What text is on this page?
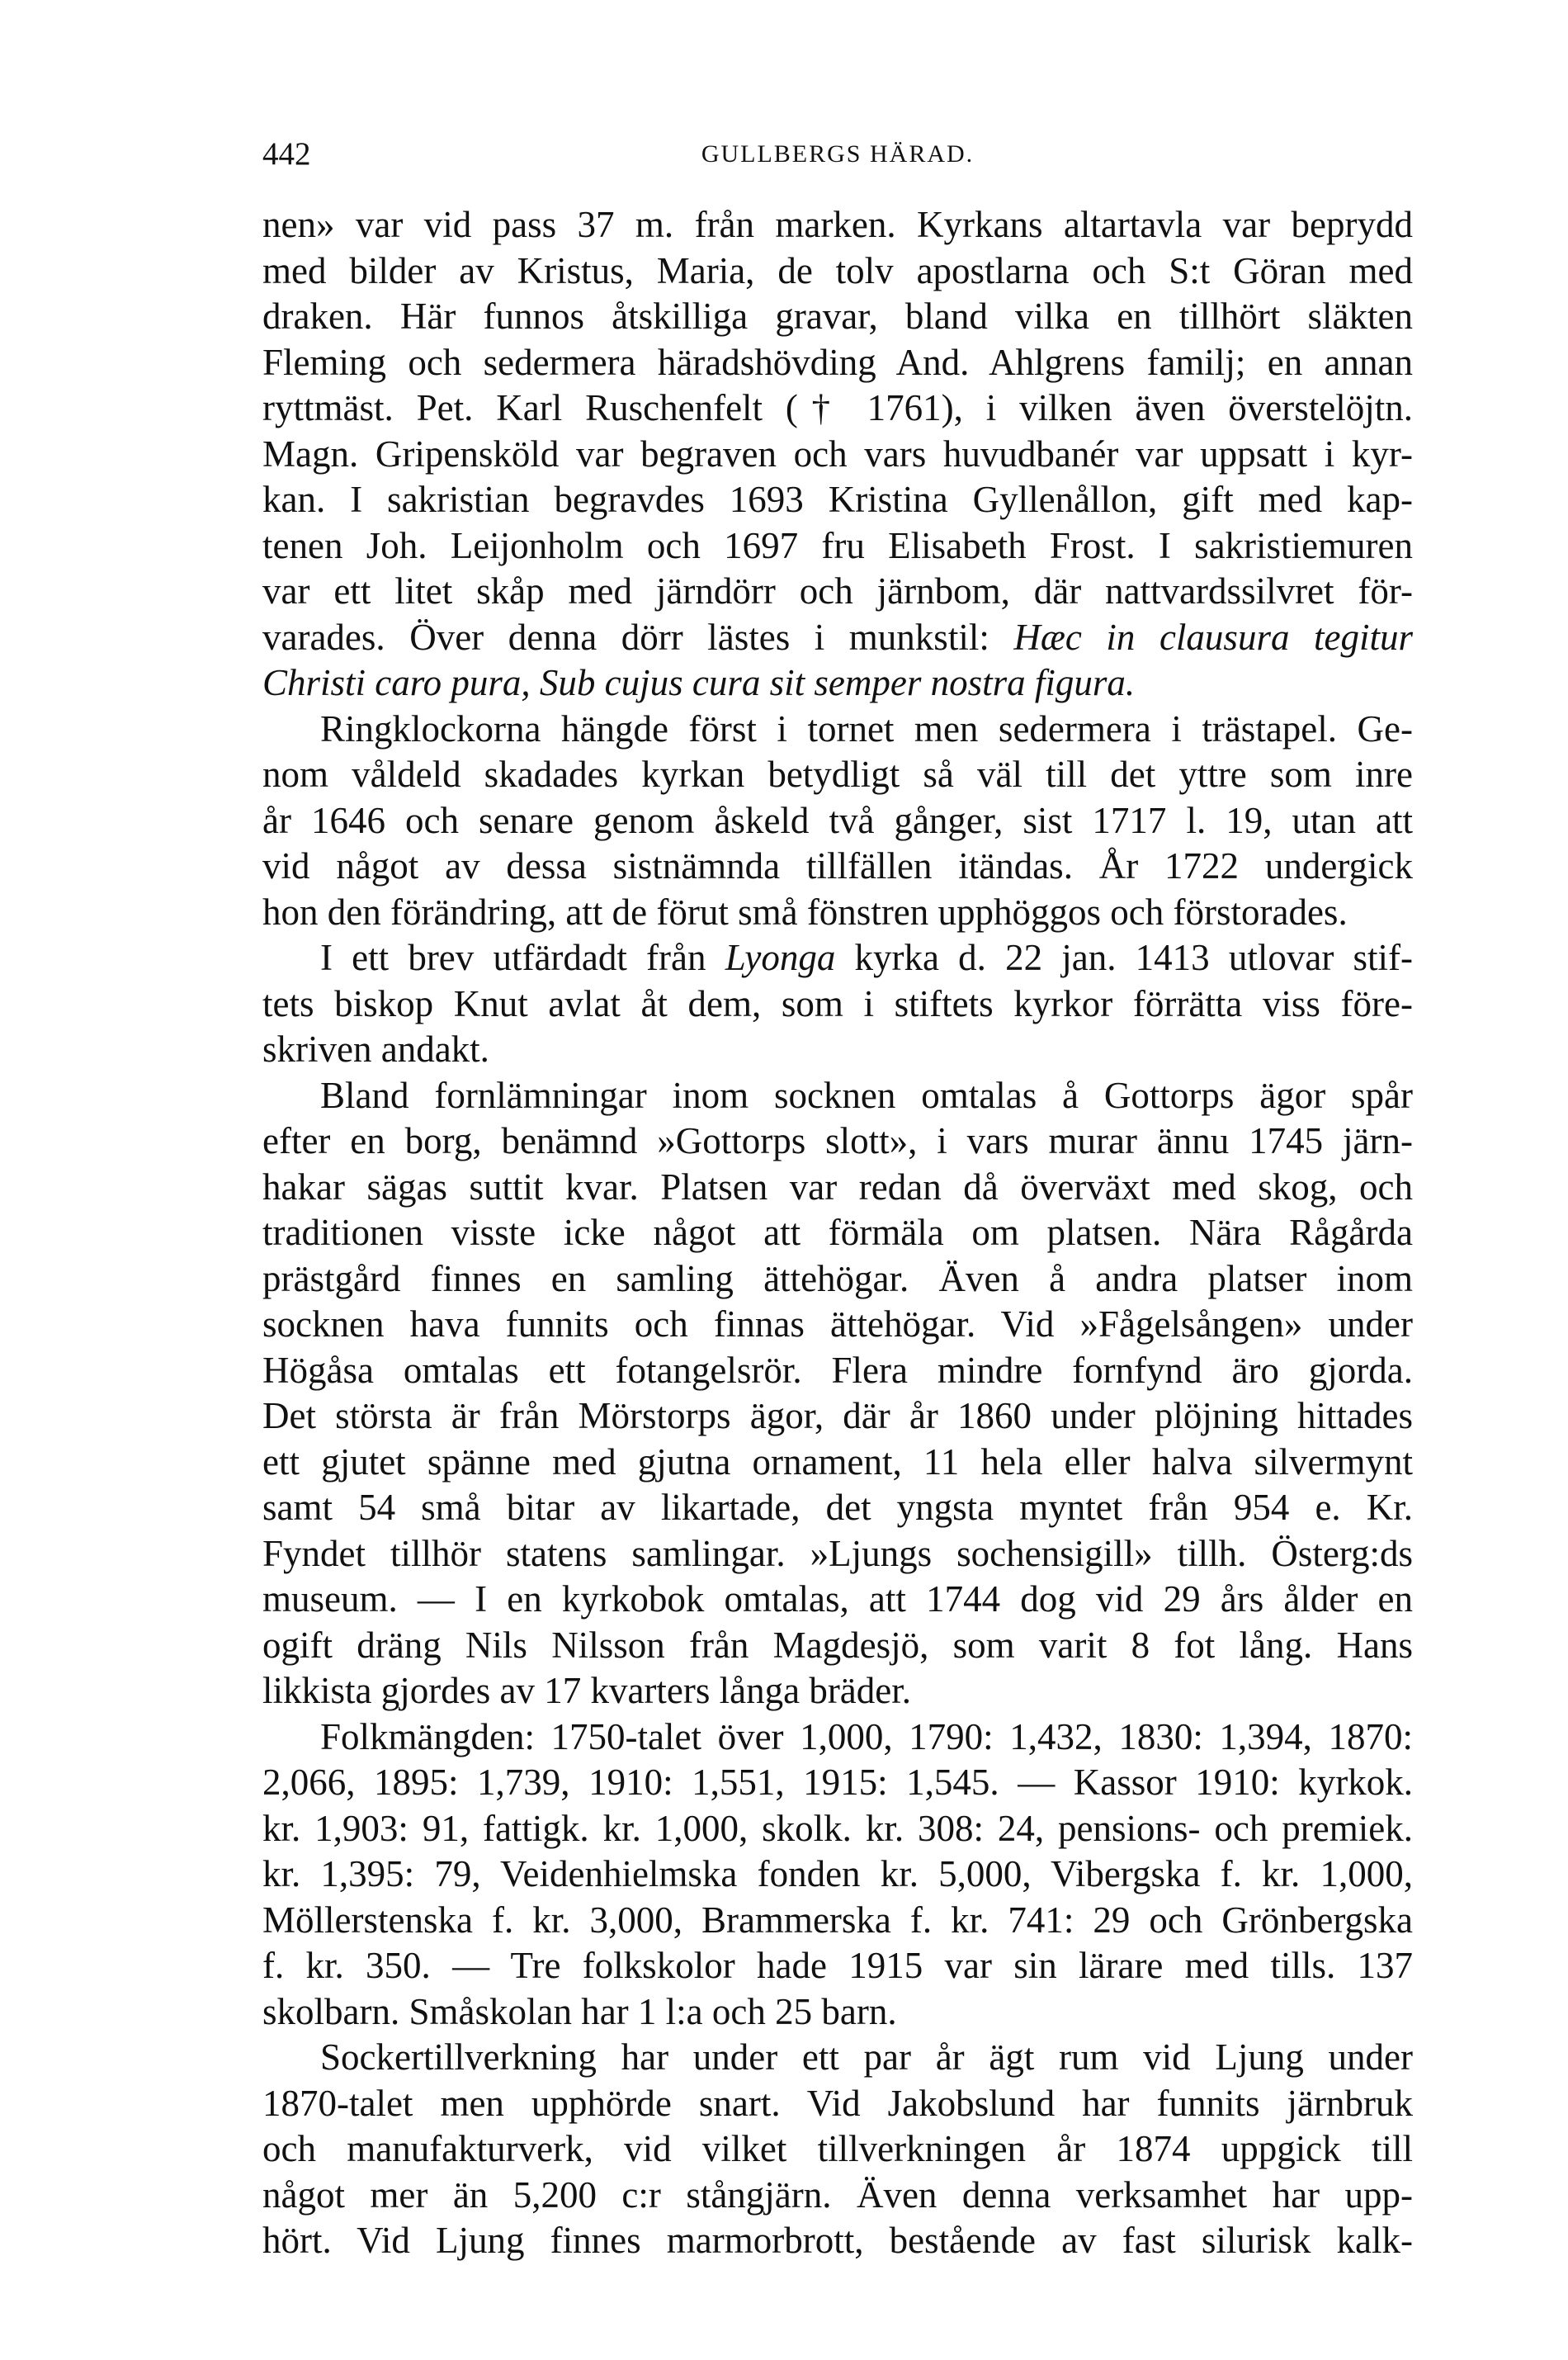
442	GULLBERGS HÄRAD.
nen» var vid pass 37 m. från marken. Kyrkans altartavla var beprydd
med bilder av Kristus, Maria, de tolv apostlarna och S:t Göran med
draken. Här funnos åtskilliga gravar, bland vilka en tillhört släkten
Fleming och sedermera häradshövding And. Ahlgrens familj; en annan
ryttmäst. Pet. Karl Ruschenfelt († 1761), i vilken även överstelöjtn.
Magn. Gripensköld var begraven och vars huvudbanér var uppsatt i kyr-
kan. I sakristian begravdes 1693 Kristina Gyllenållon, gift med kap-
tenen Joh. Leijonholm och 1697 fru Elisabeth Frost. I sakristiemuren
var ett litet skåp med järndörr och järnbom, där nattvardssilvret för-
varades. Över denna dörr lästes i munkstil: Hæc in clausura tegitur
Christi caro pura, Sub cujus cura sit semper nostra figura.
Ringklockorna hängde först i tornet men sedermera i trästapel. Ge-
nom våldeld skadades kyrkan betydligt så väl till det yttre som inre
år 1646 och senare genom åskeld två gånger, sist 1717 l. 19, utan att
vid något av dessa sistnämnda tillfällen itändas. År 1722 undergick
hon den förändring, att de förut små fönstren upphöggos och förstorades.
I ett brev utfärdadt från Lyonga kyrka d. 22 jan. 1413 utlovar stif-
tets biskop Knut avlat åt dem, som i stiftets kyrkor förrätta viss före-
skriven andakt.
Bland fornlämningar inom socknen omtalas å Gottorps ägor spår
efter en borg, benämnd »Gottorps slott», i vars murar ännu 1745 järn-
hakar sägas suttit kvar. Platsen var redan då överväxt med skog, och
traditionen visste icke något att förmäla om platsen. Nära Rågårda
prästgård finnes en samling ättehögar. Även å andra platser inom
socknen hava funnits och finnas ättehögar. Vid »Fågelsången» under
Högåsa omtalas ett fotangelsrör. Flera mindre fornfynd äro gjorda.
Det största är från Mörstorps ägor, där år 1860 under plöjning hittades
ett gjutet spänne med gjutna ornament, 11 hela eller halva silvermynt
samt 54 små bitar av likartade, det yngsta myntet från 954 e. Kr.
Fyndet tillhör statens samlingar. »Ljungs sochensigill» tillh. Österg:ds
museum. — I en kyrkobok omtalas, att 1744 dog vid 29 års ålder en
ogift dräng Nils Nilsson från Magdesjö, som varit 8 fot lång. Hans
likkista gjordes av 17 kvarters långa bräder.
Folkmängden: 1750-talet över 1,000, 1790: 1,432, 1830: 1,394, 1870:
2,066, 1895: 1,739, 1910: 1,551, 1915: 1,545. — Kassor 1910: kyrkok.
kr. 1,903: 91, fattigk. kr. 1,000, skolk. kr. 308: 24, pensions- och premiek.
kr. 1,395: 79, Veidenhielmska fonden kr. 5,000, Vibergska f. kr. 1,000,
Möllerstenska f. kr. 3,000, Brammerska f. kr. 741: 29 och Grönbergska
f. kr. 350. — Tre folkskolor hade 1915 var sin lärare med tills. 137
skolbarn. Småskolan har 1 l:a och 25 barn.
Sockertillverkning har under ett par år ägt rum vid Ljung under
1870-talet men upphörde snart. Vid Jakobslund har funnits järnbruk
och manufakturverk, vid vilket tillverkningen år 1874 uppgick till
något mer än 5,200 c:r stångjärn. Även denna verksamhet har upp-
hört. Vid Ljung finnes marmorbrott, bestående av fast silurisk kalk-
